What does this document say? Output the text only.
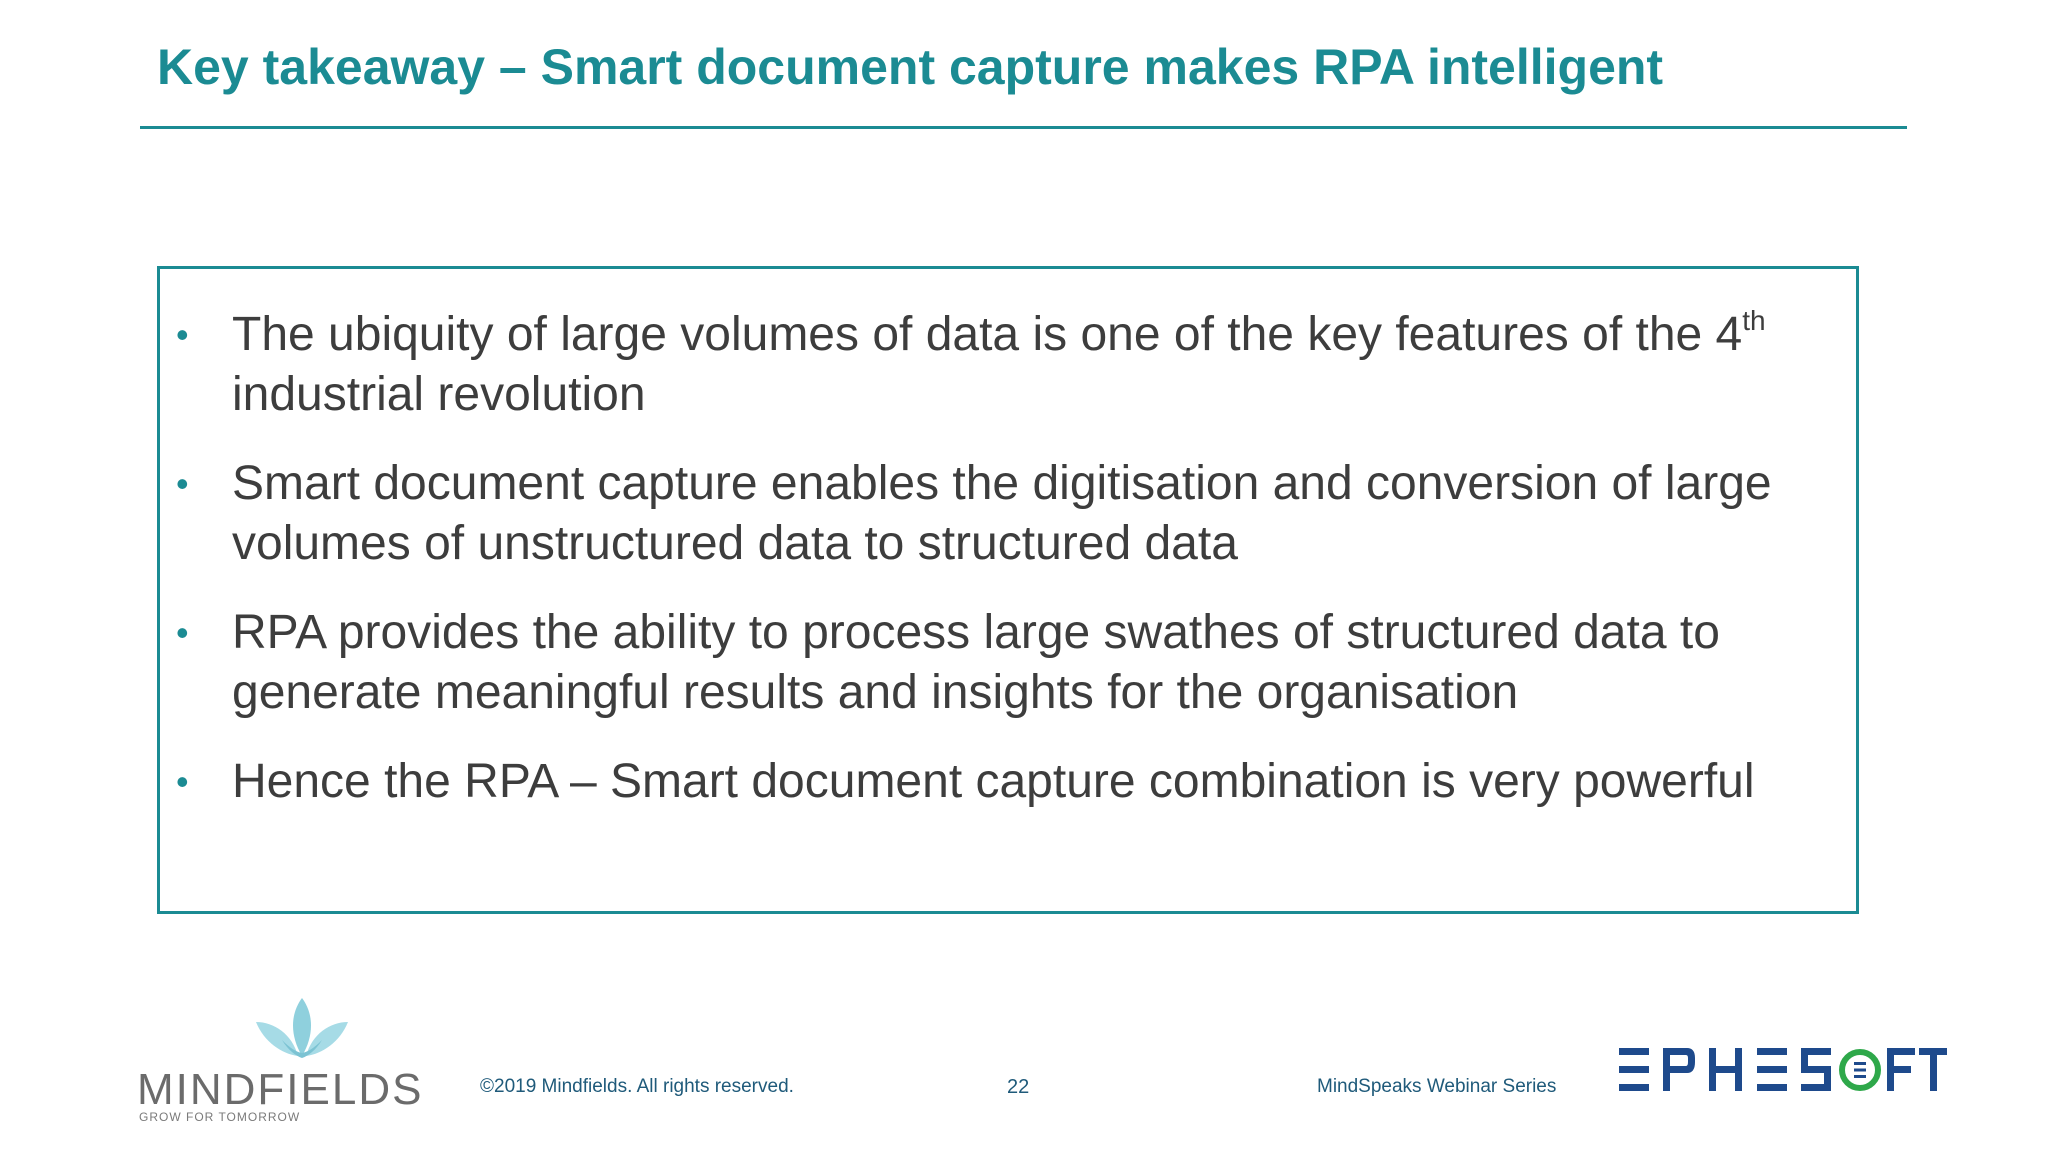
Key takeaway – Smart document capture makes RPA intelligent
• The ubiquity of large volumes of data is one of the key features of the 4th industrial revolution
• Smart document capture enables the digitisation and conversion of large volumes of unstructured data to structured data
• RPA provides the ability to process large swathes of structured data to generate meaningful results and insights for the organisation
• Hence the RPA – Smart document capture combination is very powerful
MINDFIELDS
GROW FOR TOMORROW
©2019 Mindfields. All rights reserved.	22	MindSpeaks Webinar Series
